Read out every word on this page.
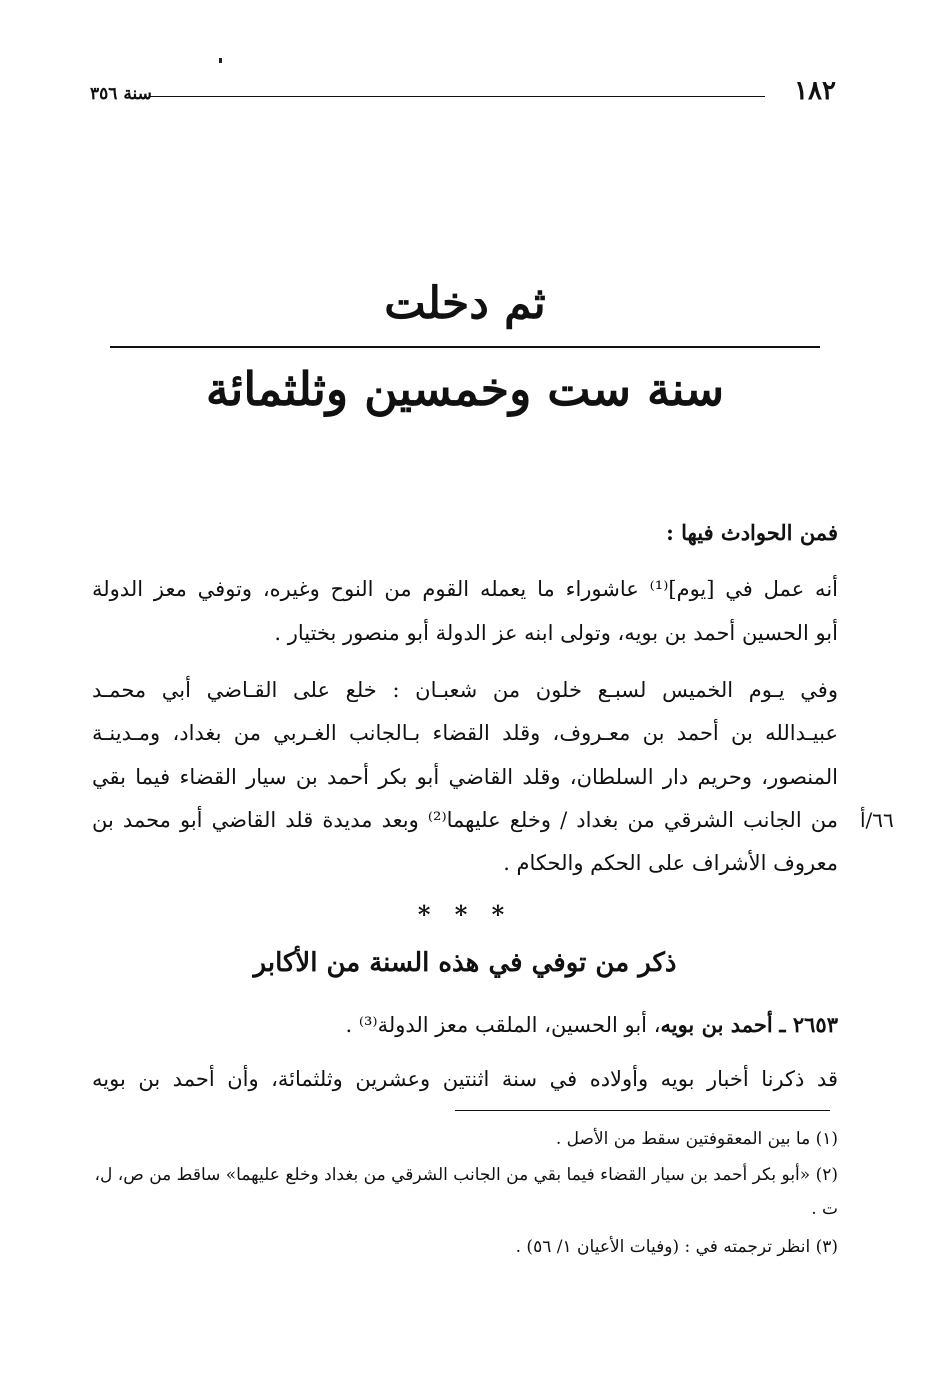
١٨٢
سنة ٣٥٦
ثم دخلت
سنة ست وخمسين وثلثمائة
فمن الحوادث فيها :
أنه عمل في [يوم]⁽¹⁾ عاشوراء ما يعمله القوم من النوح وغيره، وتوفي معز الدولة
أبو الحسين أحمد بن بويه، وتولى ابنه عز الدولة أبو منصور بختيار .
وفي يـوم الخميس لسبـع خلون من شعبـان : خلع على القـاضي أبي محمـد
عبيـدالله بن أحمد بن معـروف، وقلد القضاء بـالجانب الغـربي من بغداد، ومـدينـة
المنصور، وحريم دار السلطان، وقلد القاضي أبو بكر أحمد بن سيار القضاء فيما بقي
من الجانب الشرقي من بغداد / وخلع عليهما⁽²⁾ وبعد مديدة قلد القاضي أبو محمد بن
معروف الأشراف على الحكم والحكام .
٦٦/أ
* * *
ذكر من توفي في هذه السنة من الأكابر
٢٦٥٣ ـ أحمد بن بويه، أبو الحسين، الملقب معز الدولة⁽³⁾ .
قد ذكرنا أخبار بويه وأولاده في سنة اثنتين وعشرين وثلثمائة، وأن أحمد بن بويه
(١) ما بين المعقوفتين سقط من الأصل .
(٢) «أبو بكر أحمد بن سيار القضاء فيما بقي من الجانب الشرقي من بغداد وخلع عليهما» ساقط من ص، ل،
ت .
(٣) انظر ترجمته في : (وفيات الأعيان ١/ ٥٦) .
